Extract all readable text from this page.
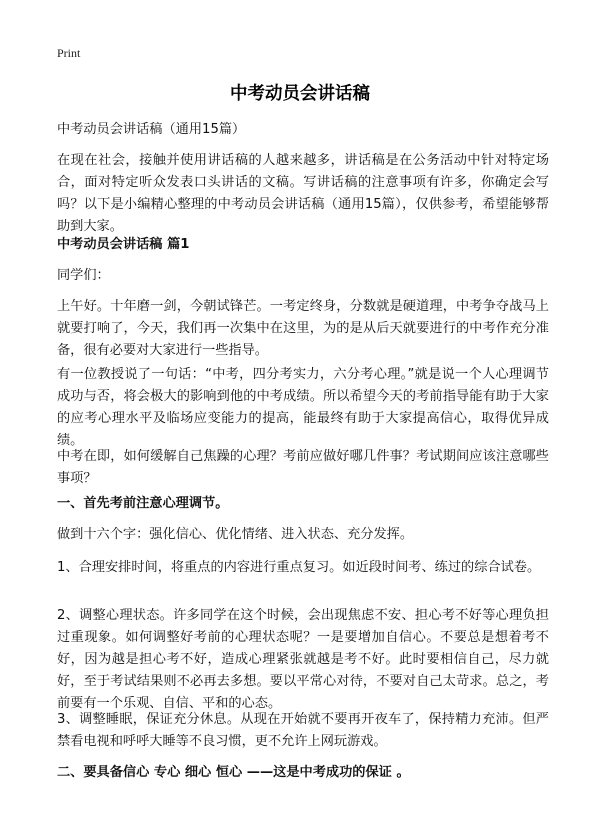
Print
中考动员会讲话稿
中考动员会讲话稿（通用15篇）
在现在社会，接触并使用讲话稿的人越来越多，讲话稿是在公务活动中针对特定场合，面对特定听众发表口头讲话的文稿。写讲话稿的注意事项有许多，你确定会写吗？以下是小编精心整理的中考动员会讲话稿（通用15篇），仅供参考，希望能够帮助到大家。
中考动员会讲话稿 篇1
同学们：
上午好。十年磨一剑，今朝试锋芒。一考定终身，分数就是硬道理，中考争夺战马上就要打响了，今天，我们再一次集中在这里，为的是从后天就要进行的中考作充分准备，很有必要对大家进行一些指导。
有一位教授说了一句话：“中考，四分考实力，六分考心理。”就是说一个人心理调节成功与否，将会极大的影响到他的中考成绩。所以希望今天的考前指导能有助于大家的应考心理水平及临场应变能力的提高，能最终有助于大家提高信心，取得优异成绩。
中考在即，如何缓解自己焦躁的心理？考前应做好哪几件事？考试期间应该注意哪些事项？
一、首先考前注意心理调节。
做到十六个字：强化信心、优化情绪、进入状态、充分发挥。
1、合理安排时间，将重点的内容进行重点复习。如近段时间考、练过的综合试卷。
2、调整心理状态。许多同学在这个时候，会出现焦虑不安、担心考不好等心理负担过重现象。如何调整好考前的心理状态呢？一是要增加自信心。不要总是想着考不好，因为越是担心考不好，造成心理紧张就越是考不好。此时要相信自己，尽力就好，至于考试结果则不必再去多想。要以平常心对待，不要对自己太苛求。总之，考前要有一个乐观、自信、平和的心态。
3、调整睡眠，保证充分休息。从现在开始就不要再开夜车了，保持精力充沛。但严禁看电视和呼呼大睡等不良习惯，更不允许上网玩游戏。
二、要具备信心 专心 细心 恒心 ——这是中考成功的保证 。
